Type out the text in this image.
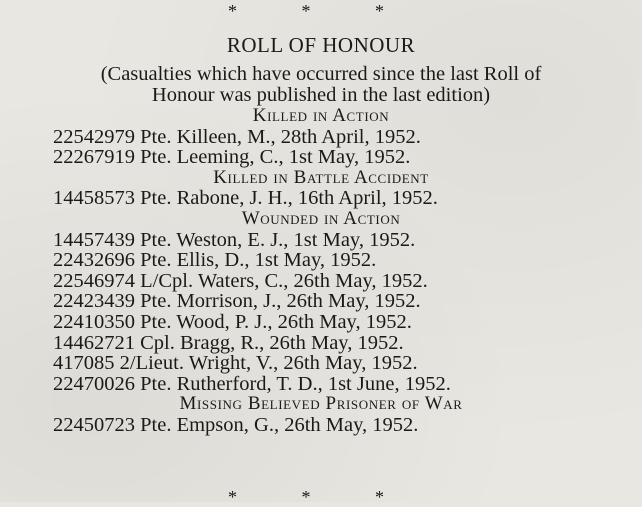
* * *
ROLL OF HONOUR
(Casualties which have occurred since the last Roll of
Honour was published in the last edition)
Killed in Action
22542979 Pte. Killeen, M., 28th April, 1952.
22267919 Pte. Leeming, C., 1st May, 1952.
Killed in Battle Accident
14458573 Pte. Rabone, J. H., 16th April, 1952.
Wounded in Action
14457439 Pte. Weston, E. J., 1st May, 1952.
22432696 Pte. Ellis, D., 1st May, 1952.
22546974 L/Cpl. Waters, C., 26th May, 1952.
22423439 Pte. Morrison, J., 26th May, 1952.
22410350 Pte. Wood, P. J., 26th May, 1952.
14462721 Cpl. Bragg, R., 26th May, 1952.
417085 2/Lieut. Wright, V., 26th May, 1952.
22470026 Pte. Rutherford, T. D., 1st June, 1952.
Missing Believed Prisoner of War
22450723 Pte. Empson, G., 26th May, 1952.
* * *
